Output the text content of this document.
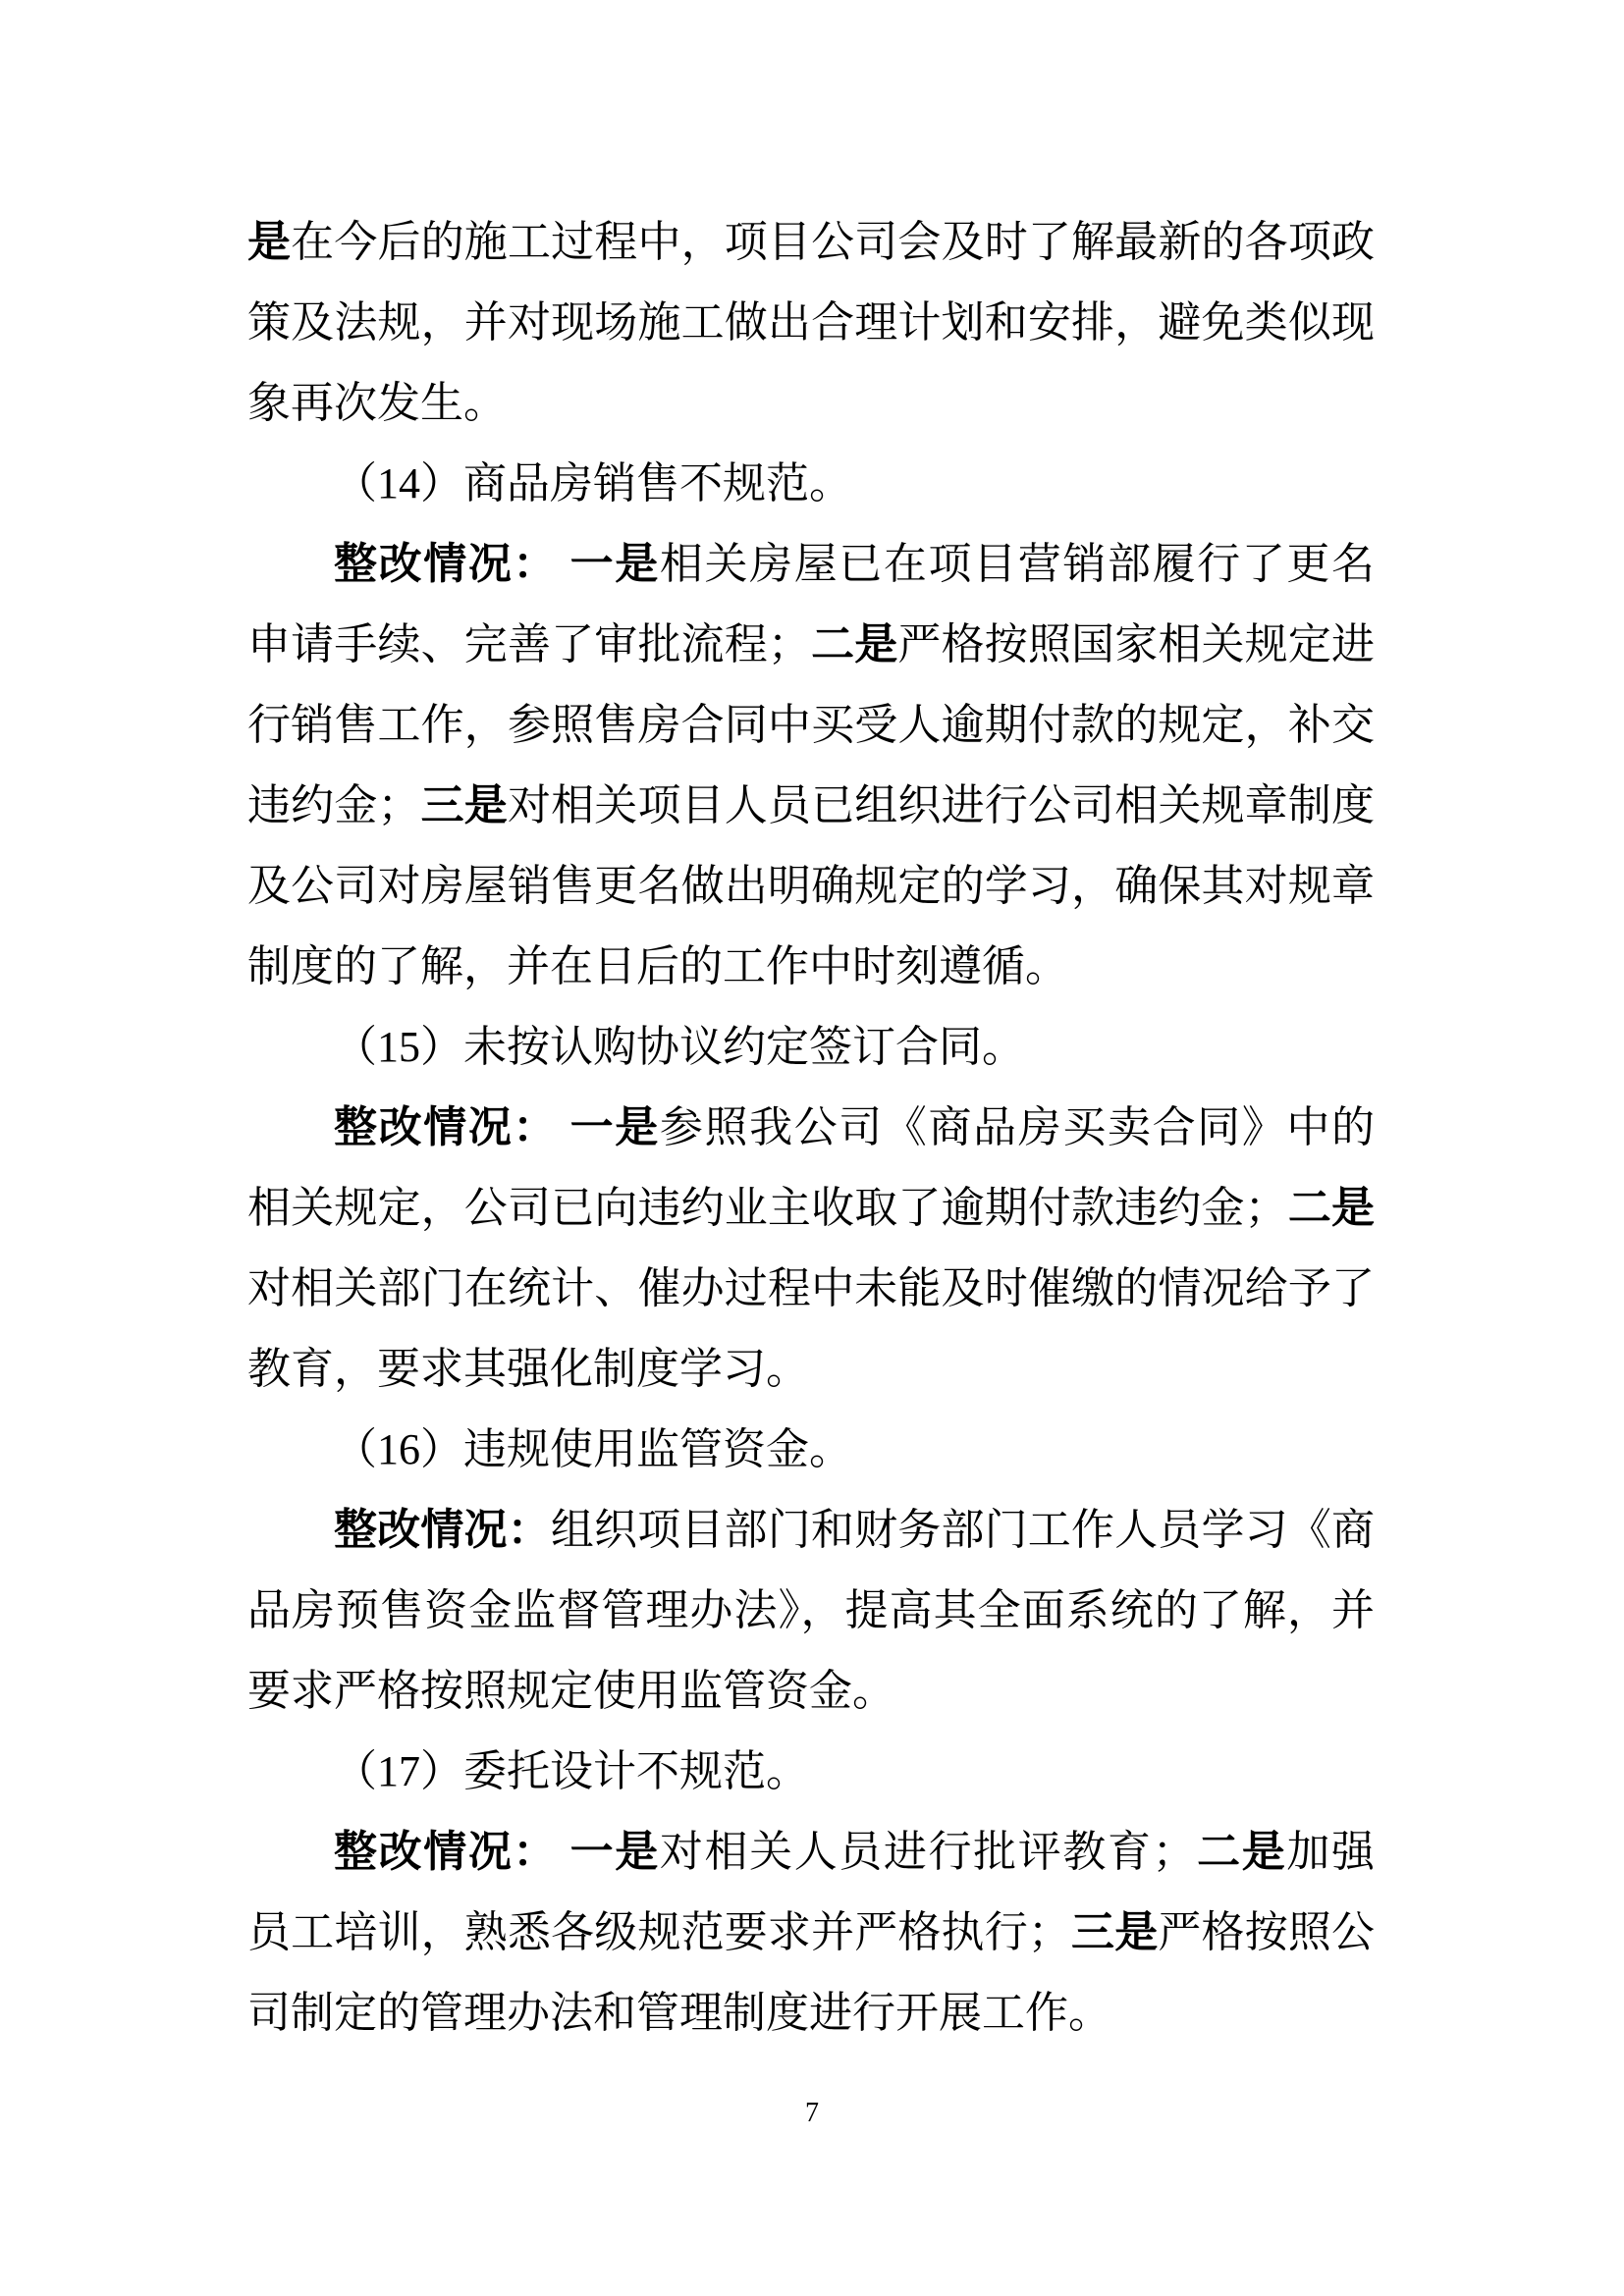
是在今后的施工过程中，项目公司会及时了解最新的各项政策及法规，并对现场施工做出合理计划和安排，避免类似现象再次发生。

（14）商品房销售不规范。

整改情况： 一是相关房屋已在项目营销部履行了更名申请手续、完善了审批流程；二是严格按照国家相关规定进行销售工作，参照售房合同中买受人逾期付款的规定，补交违约金；三是对相关项目人员已组织进行公司相关规章制度及公司对房屋销售更名做出明确规定的学习，确保其对规章制度的了解，并在日后的工作中时刻遵循。

（15）未按认购协议约定签订合同。

整改情况： 一是参照我公司《商品房买卖合同》中的相关规定，公司已向违约业主收取了逾期付款违约金；二是对相关部门在统计、催办过程中未能及时催缴的情况给予了教育，要求其强化制度学习。

（16）违规使用监管资金。

整改情况：组织项目部门和财务部门工作人员学习《商品房预售资金监督管理办法》，提高其全面系统的了解，并要求严格按照规定使用监管资金。

（17）委托设计不规范。

整改情况： 一是对相关人员进行批评教育；二是加强员工培训，熟悉各级规范要求并严格执行；三是严格按照公司制定的管理办法和管理制度进行开展工作。

7
